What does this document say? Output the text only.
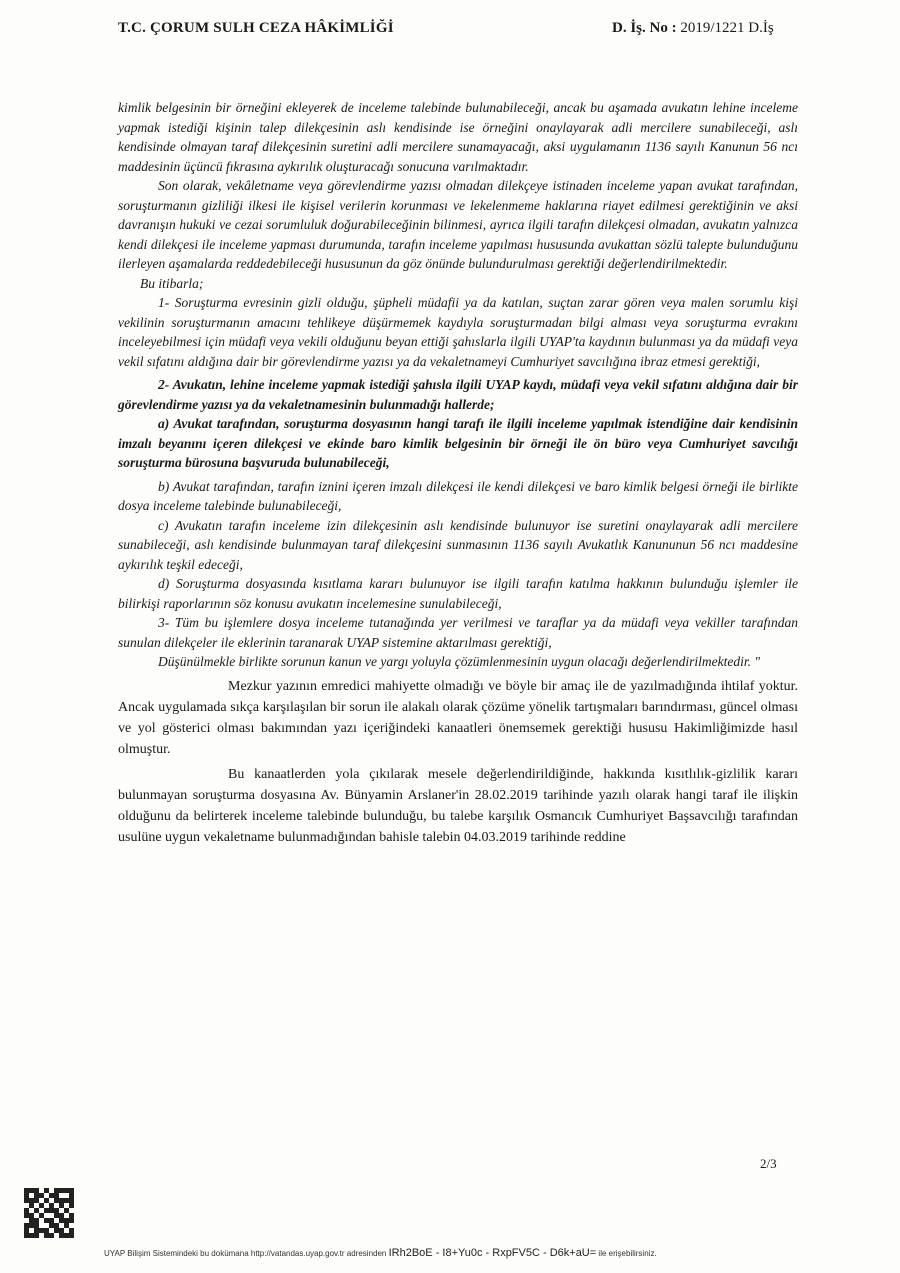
T.C. ÇORUM SULH CEZA HÂKİMLİĞİ	D. İş. No : 2019/1221 D.İş

kimlik belgesinin bir örneğini ekleyerek de inceleme talebinde bulunabileceği, ancak bu aşamada avukatın lehine inceleme yapmak istediği kişinin talep dilekçesinin aslı kendisinde ise örneğini onaylayarak adli mercilere sunabileceği, aslı kendisinde olmayan taraf dilekçesinin suretini adli mercilere sunamayacağı, aksi uygulamanın 1136 sayılı Kanunun 56 ncı maddesinin üçüncü fıkrasına aykırılık oluşturacağı sonucuna varılmaktadır.

Son olarak, vekâletname veya görevlendirme yazısı olmadan dilekçeye istinaden inceleme yapan avukat tarafından, soruşturmanın gizliliği ilkesi ile kişisel verilerin korunması ve lekelenmeme haklarına riayet edilmesi gerektiğinin ve aksi davranışın hukuki ve cezai sorumluluk doğurabileceğinin bilinmesi, ayrıca ilgili tarafın dilekçesi olmadan, avukatın yalnızca kendi dilekçesi ile inceleme yapması durumunda, tarafın inceleme yapılması hususunda avukattan sözlü talepte bulunduğunu ilerleyen aşamalarda reddedebileceği hususunun da göz önünde bulundurulması gerektiği değerlendirilmektedir.

Bu itibarla;

1- Soruşturma evresinin gizli olduğu, şüpheli müdafii ya da katılan, suçtan zarar gören veya malen sorumlu kişi vekilinin soruşturmanın amacını tehlikeye düşürmemek kaydıyla soruşturmadan bilgi alması veya soruşturma evrakını inceleyebilmesi için müdafi veya vekili olduğunu beyan ettiği şahıslarla ilgili UYAP'ta kaydının bulunması ya da müdafi veya vekil sıfatını aldığına dair bir görevlendirme yazısı ya da vekaletnameyi Cumhuriyet savcılığına ibraz etmesi gerektiği,

2- Avukatın, lehine inceleme yapmak istediği şahısla ilgili UYAP kaydı, müdafi veya vekil sıfatını aldığına dair bir görevlendirme yazısı ya da vekaletnamesinin bulunmadığı hallerde;

a) Avukat tarafından, soruşturma dosyasının hangi tarafı ile ilgili inceleme yapılmak istendiğine dair kendisinin imzalı beyanını içeren dilekçesi ve ekinde baro kimlik belgesinin bir örneği ile ön büro veya Cumhuriyet savcılığı soruşturma bürosuna başvuruda bulunabileceği,

b) Avukat tarafından, tarafın iznini içeren imzalı dilekçesi ile kendi dilekçesi ve baro kimlik belgesi örneği ile birlikte dosya inceleme talebinde bulunabileceği,

c) Avukatın tarafın inceleme izin dilekçesinin aslı kendisinde bulunuyor ise suretini onaylayarak adli mercilere sunabileceği, aslı kendisinde bulunmayan taraf dilekçesini sunmasının 1136 sayılı Avukatlık Kanununun 56 ncı maddesine aykırılık teşkil edeceği,

d) Soruşturma dosyasında kısıtlama kararı bulunuyor ise ilgili tarafın katılma hakkının bulunduğu işlemler ile bilirkişi raporlarının söz konusu avukatın incelemesine sunulabileceği,

3- Tüm bu işlemlere dosya inceleme tutanağında yer verilmesi ve taraflar ya da müdafi veya vekiller tarafından sunulan dilekçeler ile eklerinin taranarak UYAP sistemine aktarılması gerektiği,

Düşünülmekle birlikte sorunun kanun ve yargı yoluyla çözümlenmesinin uygun olacağı değerlendirilmektedir. "

Mezkur yazının emredici mahiyette olmadığı ve böyle bir amaç ile de yazılmadığında ihtilaf yoktur. Ancak uygulamada sıkça karşılaşılan bir sorun ile alakalı olarak çözüme yönelik tartışmaları barındırması, güncel olması ve yol gösterici olması bakımından yazı içeriğindeki kanaatleri önemsemek gerektiği hususu Hakimliğimizde hasıl olmuştur.

Bu kanaatlerden yola çıkılarak mesele değerlendirildiğinde, hakkında kısıtlılık-gizlilik kararı bulunmayan soruşturma dosyasına Av. Bünyamin Arslaner'in 28.02.2019 tarihinde yazılı olarak hangi taraf ile ilişkin olduğunu da belirterek inceleme talebinde bulunduğu, bu talebe karşılık Osmancık Cumhuriyet Başsavcılığı tarafından usulüne uygun vekaletname bulunmadığından bahisle talebin 04.03.2019 tarihinde reddine

2/3
UYAP Bilişim Sistemindeki bu dokümana http://vatandas.uyap.gov.tr adresinden IRh2BoE - I8+Yu0c - RxpFV5C - D6k+aU= ile erişebilirsiniz.
